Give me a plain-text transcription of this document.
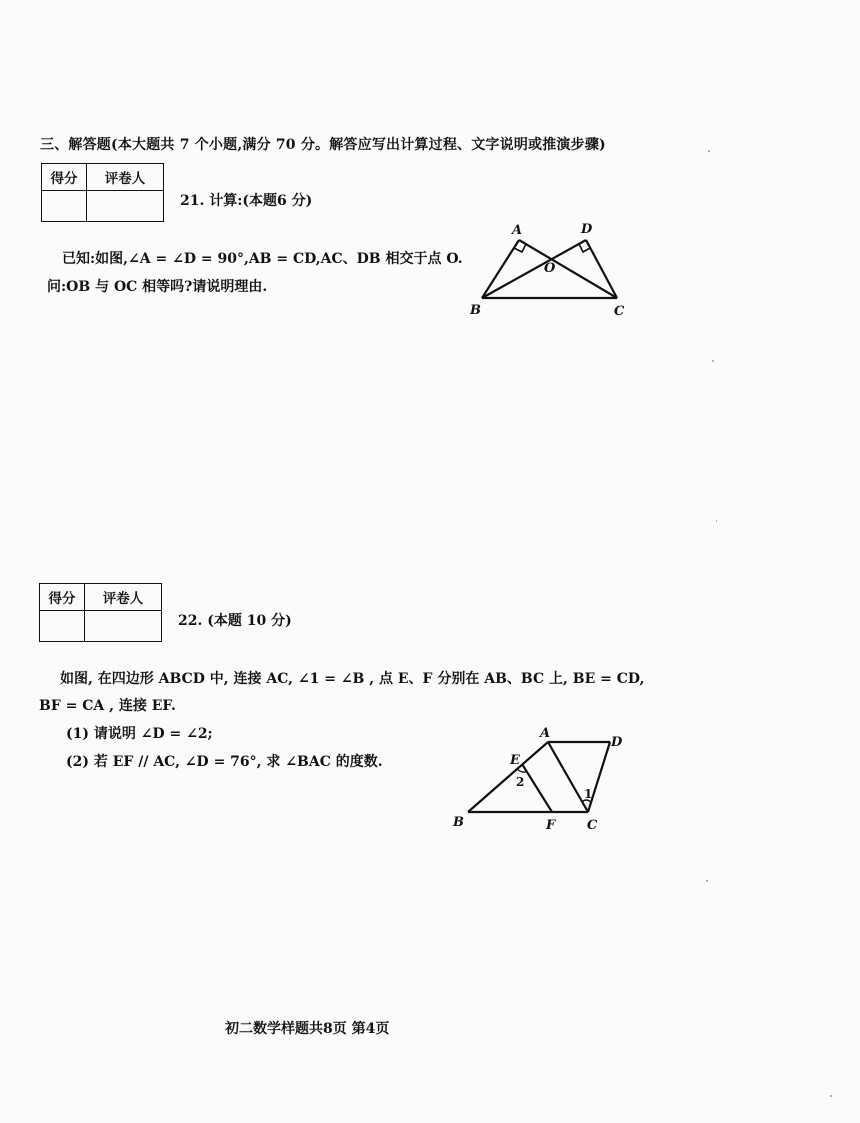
三、解答题(本大题共 7 个小题,满分 70 分。解答应写出计算过程、文字说明或推演步骤)
得分	评卷人

21. 计算:(本题6 分)
已知:如图,∠A = ∠D = 90°,AB = CD,AC、DB 相交于点 O.
问:OB 与 OC 相等吗?请说明理由.
A	D
O
B	C
得分	评卷人

22. (本题 10 分)
如图, 在四边形 ABCD 中, 连接 AC, ∠1 = ∠B , 点 E、F 分别在 AB、BC 上, BE = CD,
BF = CA , 连接 EF.
(1) 请说明 ∠D = ∠2;
(2) 若 EF // AC, ∠D = 76°, 求 ∠BAC 的度数.
A
D
E
2
1
B	F C
初二数学样题共8页 第4页
